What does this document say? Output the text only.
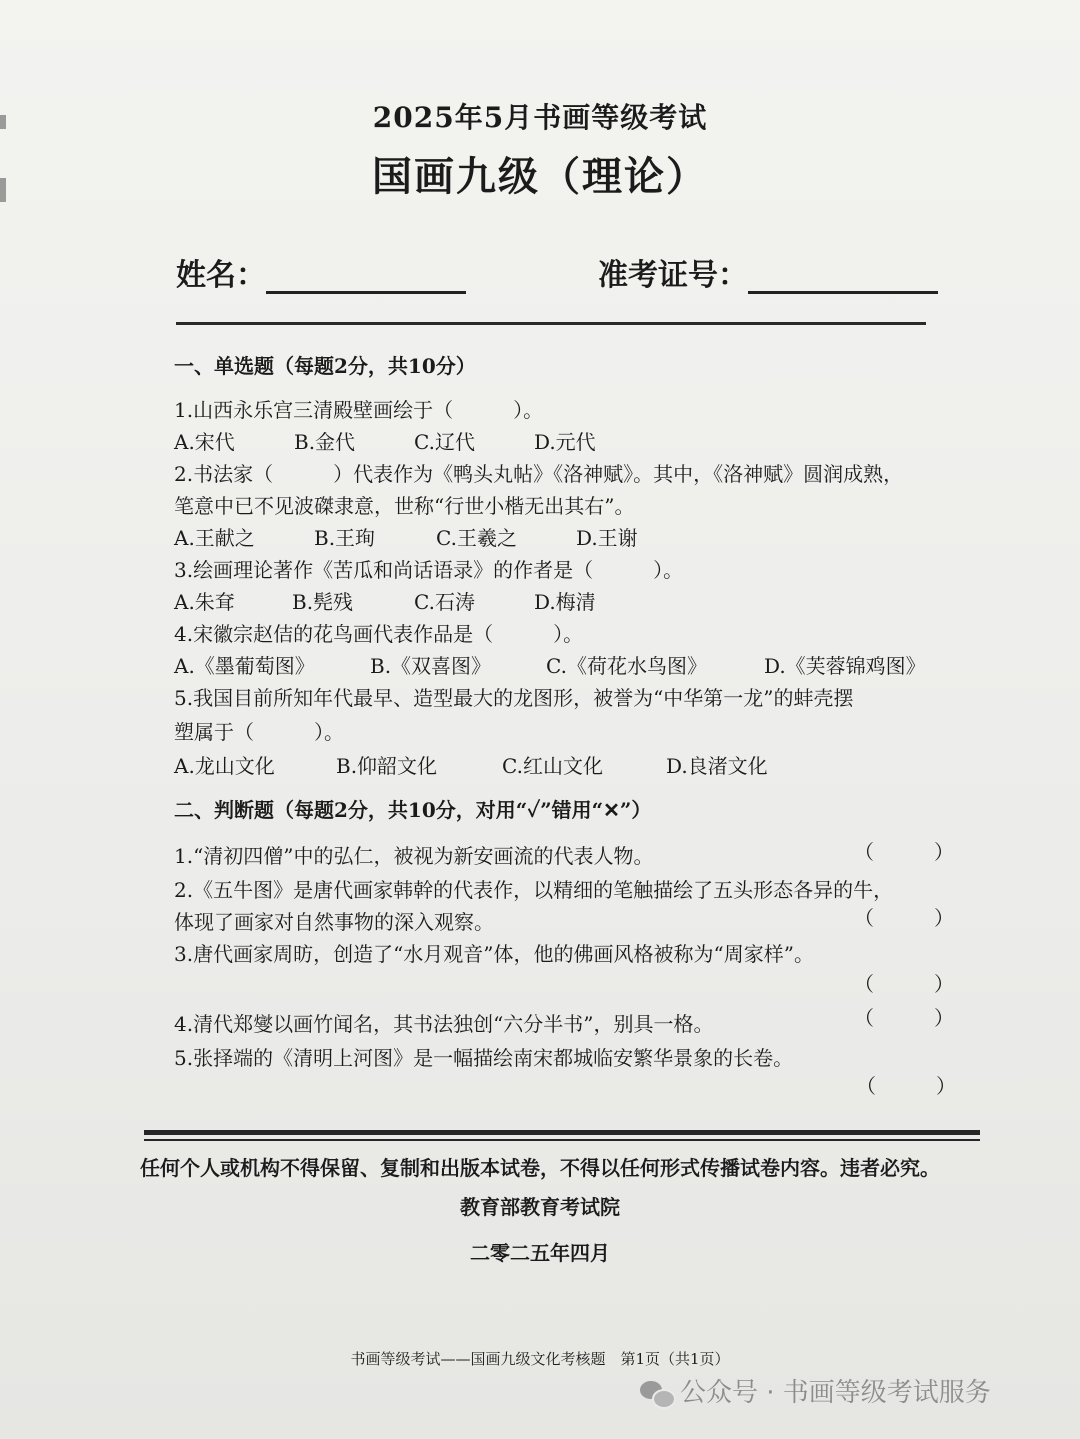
2025年5月书画等级考试
国画九级（理论）
姓名：	准考证号：
一、单选题（每题2分，共10分）
1.山西永乐宫三清殿壁画绘于（　　　）。
A.宋代	B.金代	C.辽代	D.元代
2.书法家（　　　）代表作为《鸭头丸帖》《洛神赋》。其中，《洛神赋》圆润成熟，
笔意中已不见波磔隶意，世称“行世小楷无出其右”。
A.王献之	B.王珣	C.王羲之	D.王谢
3.绘画理论著作《苦瓜和尚话语录》的作者是（　　　）。
A.朱耷	B.髡残	C.石涛	D.梅清
4.宋徽宗赵佶的花鸟画代表作品是（　　　）。
A.《墨葡萄图》	B.《双喜图》	C.《荷花水鸟图》	D.《芙蓉锦鸡图》
5.我国目前所知年代最早、造型最大的龙图形，被誉为“中华第一龙”的蚌壳摆
塑属于（　　　）。
A.龙山文化	B.仰韶文化	C.红山文化	D.良渚文化
二、判断题（每题2分，共10分，对用“✓”错用“✕”）
1.“清初四僧”中的弘仁，被视为新安画流的代表人物。	（　　　）
2.《五牛图》是唐代画家韩幹的代表作，以精细的笔触描绘了五头形态各异的牛，
体现了画家对自然事物的深入观察。	（　　　）
3.唐代画家周昉，创造了“水月观音”体，他的佛画风格被称为“周家样”。
（　　　）
4.清代郑燮以画竹闻名，其书法独创“六分半书”，别具一格。	（　　　）
5.张择端的《清明上河图》是一幅描绘南宋都城临安繁华景象的长卷。
（　　　）
任何个人或机构不得保留、复制和出版本试卷，不得以任何形式传播试卷内容。违者必究。
教育部教育考试院
二零二五年四月
书画等级考试——国画九级文化考核题　第1页（共1页）
公众号 · 书画等级考试服务
